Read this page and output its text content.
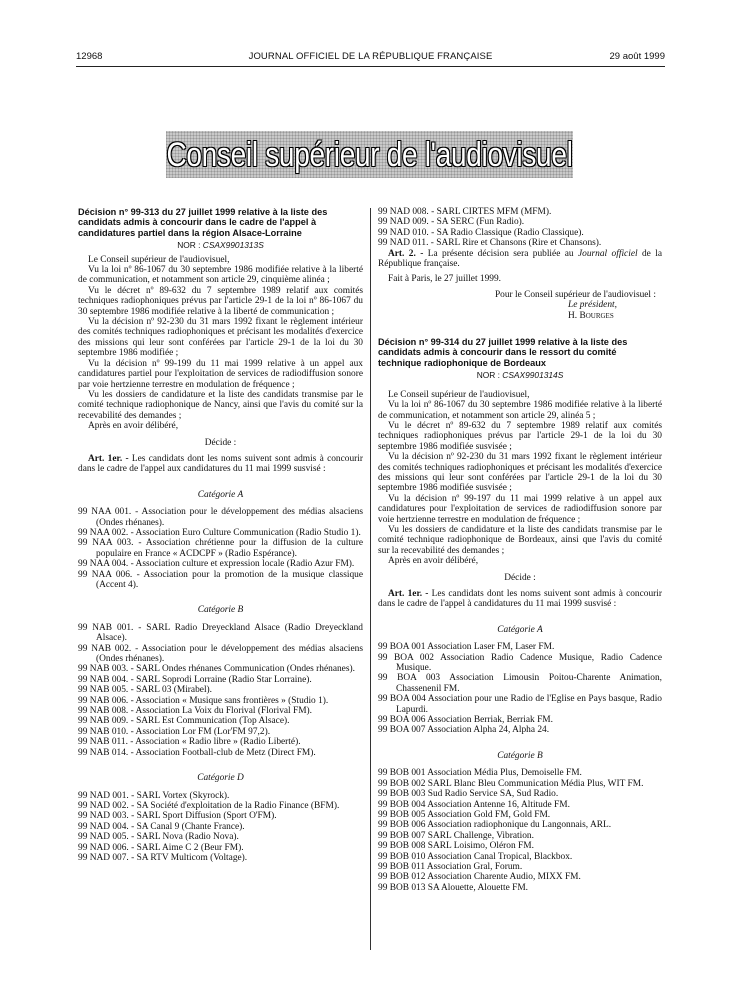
12968	JOURNAL OFFICIEL DE LA RÉPUBLIQUE FRANÇAISE	29 août 1999
Conseil supérieur de l'audiovisuel
Décision n° 99-313 du 27 juillet 1999 relative à la liste des candidats admis à concourir dans le cadre de l'appel à candidatures partiel dans la région Alsace-Lorraine
NOR : CSAX9901313S

Le Conseil supérieur de l'audiovisuel,

Vu la loi nº 86-1067 du 30 septembre 1986 modifiée relative à la liberté de communication, et notamment son article 29, cinquième alinéa ;

Vu le décret nº 89-632 du 7 septembre 1989 relatif aux comités techniques radiophoniques prévus par l'article 29-1 de la loi nº 86-1067 du 30 septembre 1986 modifiée relative à la liberté de communication ;

Vu la décision nº 92-230 du 31 mars 1992 fixant le règlement intérieur des comités techniques radiophoniques et précisant les modalités d'exercice des missions qui leur sont conférées par l'article 29-1 de la loi du 30 septembre 1986 modifiée ;

Vu la décision nº 99-199 du 11 mai 1999 relative à un appel aux candidatures partiel pour l'exploitation de services de radiodiffusion sonore par voie hertzienne terrestre en modulation de fréquence ;

Vu les dossiers de candidature et la liste des candidats transmise par le comité technique radiophonique de Nancy, ainsi que l'avis du comité sur la recevabilité des demandes ;

Après en avoir délibéré,

Décide :

Art. 1er. - Les candidats dont les noms suivent sont admis à concourir dans le cadre de l'appel aux candidatures du 11 mai 1999 susvisé :

Catégorie A

99 NAA 001. - Association pour le développement des médias alsaciens (Ondes rhénanes).
99 NAA 002. - Association Euro Culture Communication (Radio Studio 1).
99 NAA 003. - Association chrétienne pour la diffusion de la culture populaire en France « ACDCPF » (Radio Espérance).
99 NAA 004. - Association culture et expression locale (Radio Azur FM).
99 NAA 006. - Association pour la promotion de la musique classique (Accent 4).

Catégorie B

99 NAB 001. - SARL Radio Dreyeckland Alsace (Radio Dreyeckland Alsace).
99 NAB 002. - Association pour le développement des médias alsaciens (Ondes rhénanes).
99 NAB 003. - SARL Ondes rhénanes Communication (Ondes rhénanes).
99 NAB 004. - SARL Soprodi Lorraine (Radio Star Lorraine).
99 NAB 005. - SARL 03 (Mirabel).
99 NAB 006. - Association « Musique sans frontières » (Studio 1).
99 NAB 008. - Association La Voix du Florival (Florival FM).
99 NAB 009. - SARL Est Communication (Top Alsace).
99 NAB 010. - Association Lor FM (Lor'FM 97,2).
99 NAB 011. - Association « Radio libre » (Radio Liberté).
99 NAB 014. - Association Football-club de Metz (Direct FM).

Catégorie D

99 NAD 001. - SARL Vortex (Skyrock).
99 NAD 002. - SA Société d'exploitation de la Radio Finance (BFM).
99 NAD 003. - SARL Sport Diffusion (Sport O'FM).
99 NAD 004. - SA Canal 9 (Chante France).
99 NAD 005. - SARL Nova (Radio Nova).
99 NAD 006. - SARL Aime C 2 (Beur FM).
99 NAD 007. - SA RTV Multicom (Voltage).
99 NAD 008. - SARL CIRTES MFM (MFM).
99 NAD 009. - SA SERC (Fun Radio).
99 NAD 010. - SA Radio Classique (Radio Classique).
99 NAD 011. - SARL Rire et Chansons (Rire et Chansons).

Art. 2. - La présente décision sera publiée au Journal officiel de la République française.

Fait à Paris, le 27 juillet 1999.

Pour le Conseil supérieur de l'audiovisuel :

Le président,

H. Bourges

Décision n° 99-314 du 27 juillet 1999 relative à la liste des candidats admis à concourir dans le ressort du comité technique radiophonique de Bordeaux
NOR : CSAX9901314S

Le Conseil supérieur de l'audiovisuel,

Vu la loi nº 86-1067 du 30 septembre 1986 modifiée relative à la liberté de communication, et notamment son article 29, alinéa 5 ;

Vu le décret nº 89-632 du 7 septembre 1989 relatif aux comités techniques radiophoniques prévus par l'article 29-1 de la loi du 30 septembre 1986 modifiée susvisée ;

Vu la décision nº 92-230 du 31 mars 1992 fixant le règlement intérieur des comités techniques radiophoniques et précisant les modalités d'exercice des missions qui leur sont conférées par l'article 29-1 de la loi du 30 septembre 1986 modifiée susvisée ;

Vu la décision nº 99-197 du 11 mai 1999 relative à un appel aux candidatures pour l'exploitation de services de radiodiffusion sonore par voie hertzienne terrestre en modulation de fréquence ;

Vu les dossiers de candidature et la liste des candidats transmise par le comité technique radiophonique de Bordeaux, ainsi que l'avis du comité sur la recevabilité des demandes ;

Après en avoir délibéré,

Décide :

Art. 1er. - Les candidats dont les noms suivent sont admis à concourir dans le cadre de l'appel à candidatures du 11 mai 1999 susvisé :

Catégorie A

99 BOA 001 Association Laser FM, Laser FM.
99 BOA 002 Association Radio Cadence Musique, Radio Cadence Musique.
99 BOA 003 Association Limousin Poitou-Charente Animation, Chassenenil FM.
99 BOA 004 Association pour une Radio de l'Eglise en Pays basque, Radio Lapurdi.
99 BOA 006 Association Berriak, Berriak FM.
99 BOA 007 Association Alpha 24, Alpha 24.

Catégorie B

99 BOB 001 Association Média Plus, Demoiselle FM.
99 BOB 002 SARL Blanc Bleu Communication Média Plus, WIT FM.
99 BOB 003 Sud Radio Service SA, Sud Radio.
99 BOB 004 Association Antenne 16, Altitude FM.
99 BOB 005 Association Gold FM, Gold FM.
99 BOB 006 Association radiophonique du Langonnais, ARL.
99 BOB 007 SARL Challenge, Vibration.
99 BOB 008 SARL Loisimo, Oléron FM.
99 BOB 010 Association Canal Tropical, Blackbox.
99 BOB 011 Association Gral, Forum.
99 BOB 012 Association Charente Audio, MIXX FM.
99 BOB 013 SA Alouette, Alouette FM.
